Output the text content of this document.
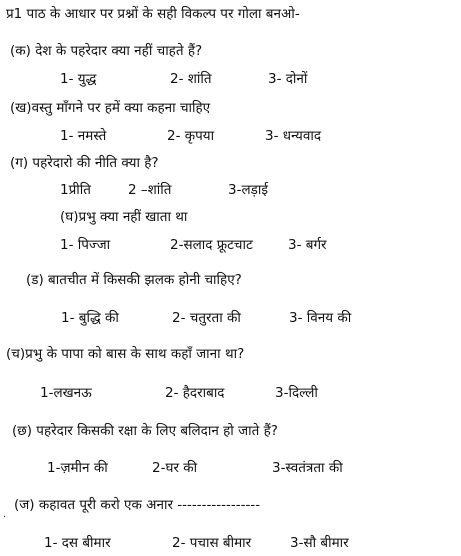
प्र1 पाठ के आधार पर प्रश्नों के सही विकल्प पर गोला बनओ-
(क) देश के पहरेदार क्या नहीं चाहते हैं?
1- युद्ध	2- शांति	3- दोनों
(ख)वस्तु माँगने पर हमें क्या कहना चाहिए
1- नमस्ते	2- कृपया	3- धन्यवाद
(ग) पहरेदारो की नीति क्या है?
1प्रीति	2 –शांति	3-लड़ाई
(घ)प्रभु क्या नहीं खाता था
1- पिज्जा	2-सलाद फ्रूटचाट	3- बर्गर
(ड) बातचीत में किसकी झलक होनी चाहिए?
1- बुद्धि की	2- चतुरता की	3- विनय की
(च)प्रभु के पापा को बास के साथ कहाँ जाना था?
1-लखनऊ	2- हैदराबाद	3-दिल्ली
(छ) पहरेदार किसकी रक्षा के लिए बलिदान हो जाते हैं?
1-ज़मीन की	2-घर की	3-स्वतंत्रता की
(ज) कहावत पूरी करो एक अनार -----------------
·
1- दस बीमार	2- पचास बीमार	3-सौ बीमार
